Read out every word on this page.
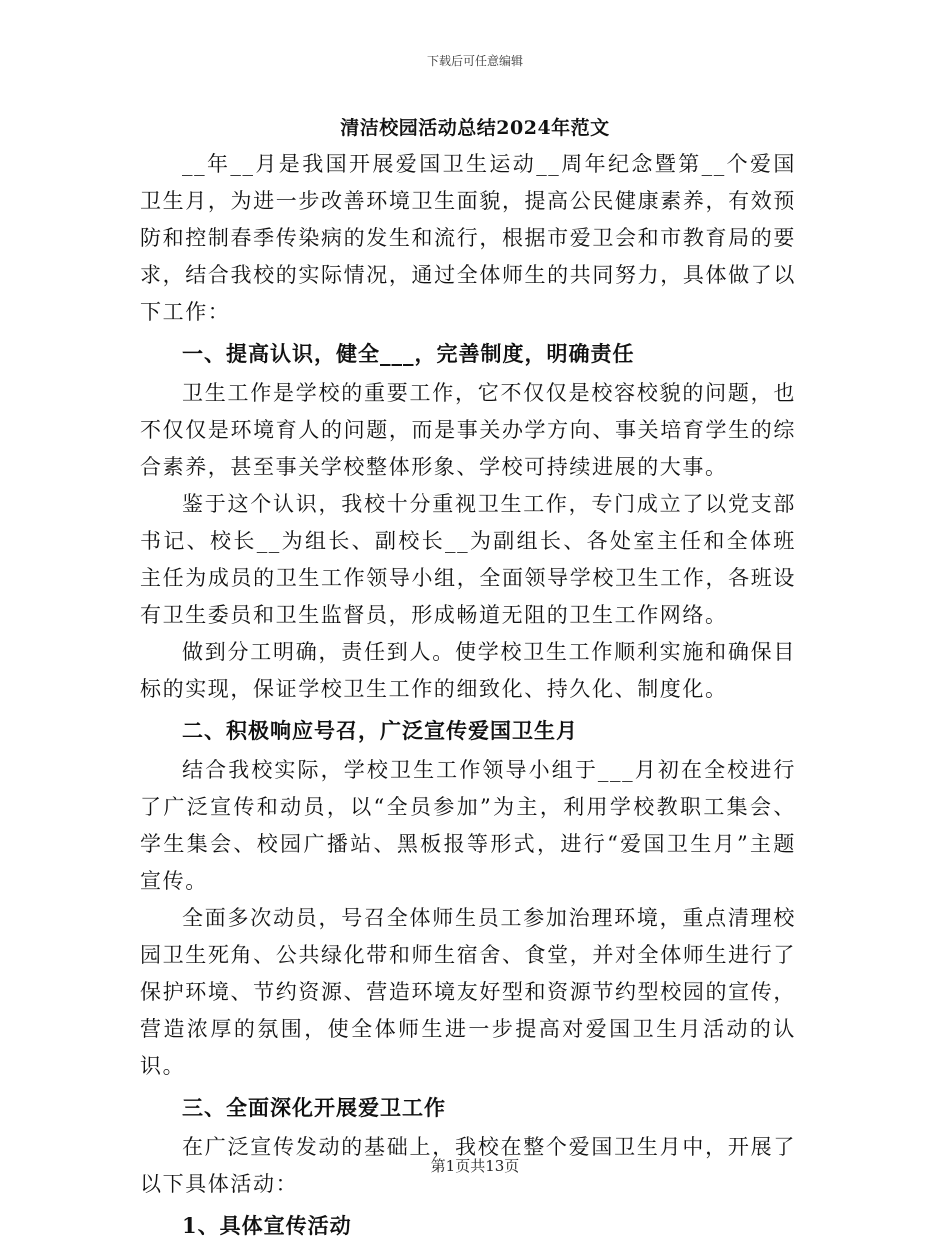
下载后可任意编辑
清洁校园活动总结2024年范文

__年__月是我国开展爱国卫生运动__周年纪念暨第__个爱国卫生月，为进一步改善环境卫生面貌，提高公民健康素养，有效预防和控制春季传染病的发生和流行，根据市爱卫会和市教育局的要求，结合我校的实际情况，通过全体师生的共同努力，具体做了以下工作：

一、提高认识，健全___，完善制度，明确责任

卫生工作是学校的重要工作，它不仅仅是校容校貌的问题，也不仅仅是环境育人的问题，而是事关办学方向、事关培育学生的综合素养，甚至事关学校整体形象、学校可持续进展的大事。

鉴于这个认识，我校十分重视卫生工作，专门成立了以党支部书记、校长__为组长、副校长__为副组长、各处室主任和全体班主任为成员的卫生工作领导小组，全面领导学校卫生工作，各班设有卫生委员和卫生监督员，形成畅道无阻的卫生工作网络。

做到分工明确，责任到人。使学校卫生工作顺利实施和确保目标的实现，保证学校卫生工作的细致化、持久化、制度化。

二、积极响应号召，广泛宣传爱国卫生月

结合我校实际，学校卫生工作领导小组于___月初在全校进行了广泛宣传和动员，以“全员参加”为主，利用学校教职工集会、学生集会、校园广播站、黑板报等形式，进行“爱国卫生月”主题宣传。

全面多次动员，号召全体师生员工参加治理环境，重点清理校园卫生死角、公共绿化带和师生宿舍、食堂，并对全体师生进行了保护环境、节约资源、营造环境友好型和资源节约型校园的宣传，营造浓厚的氛围，使全体师生进一步提高对爱国卫生月活动的认识。

三、全面深化开展爱卫工作

在广泛宣传发动的基础上，我校在整个爱国卫生月中，开展了以下具体活动：

1、具体宣传活动

第1页共13页
